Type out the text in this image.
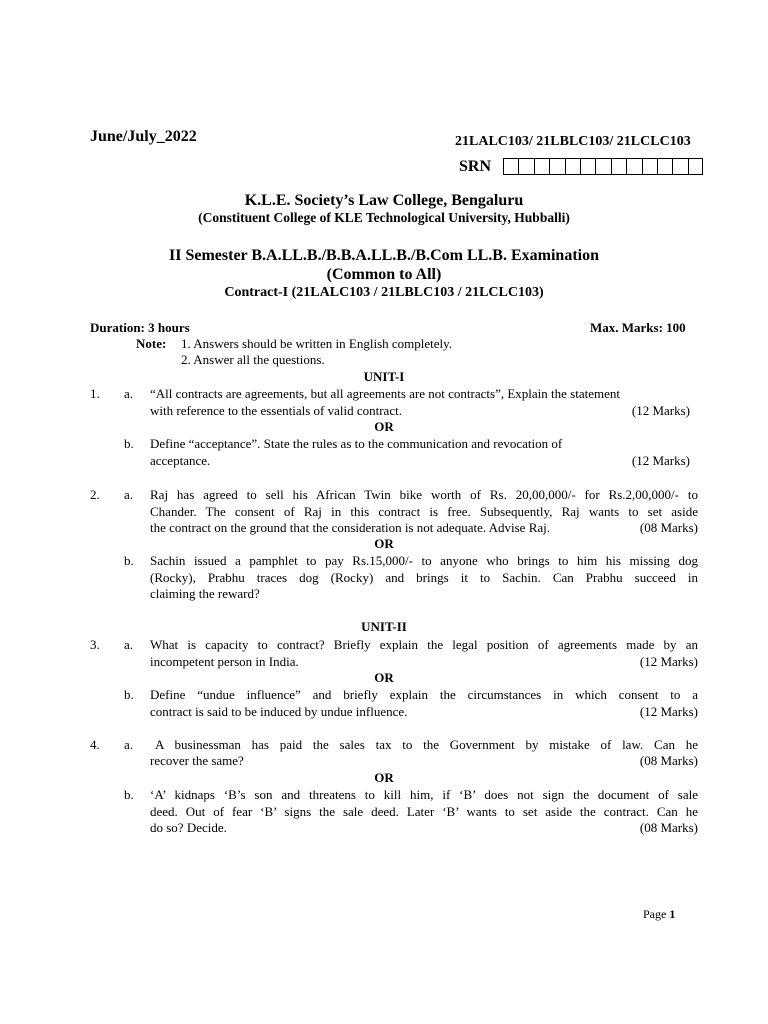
June/July_2022	21LALC103/ 21LBLC103/ 21LCLC103
SRN
K.L.E. Society’s Law College, Bengaluru
(Constituent College of KLE Technological University, Hubballi)
II Semester B.A.LL.B./B.B.A.LL.B./B.Com LL.B. Examination
(Common to All)
Contract-I (21LALC103 / 21LBLC103 / 21LCLC103)
Duration: 3 hours	Max. Marks: 100
Note: 1. Answers should be written in English completely.
2. Answer all the questions.
UNIT-I
1. a. “All contracts are agreements, but all agreements are not contracts”, Explain the statement
with reference to the essentials of valid contract.	(12 Marks)
OR
b. Define “acceptance”. State the rules as to the communication and revocation of
acceptance.	(12 Marks)
2. a. Raj has agreed to sell his African Twin bike worth of Rs. 20,00,000/- for Rs.2,00,000/- to
Chander. The consent of Raj in this contract is free. Subsequently, Raj wants to set aside
the contract on the ground that the consideration is not adequate. Advise Raj.	(08 Marks)
OR
b. Sachin issued a pamphlet to pay Rs.15,000/- to anyone who brings to him his missing dog
(Rocky), Prabhu traces dog (Rocky) and brings it to Sachin. Can Prabhu succeed in
claiming the reward?
UNIT-II
3. a. What is capacity to contract? Briefly explain the legal position of agreements made by an
incompetent person in India.	(12 Marks)
OR
b. Define “undue influence” and briefly explain the circumstances in which consent to a
contract is said to be induced by undue influence.	(12 Marks)
4. a. A businessman has paid the sales tax to the Government by mistake of law. Can he
recover the same?	(08 Marks)
OR
b. ‘A’ kidnaps ‘B’s son and threatens to kill him, if ‘B’ does not sign the document of sale
deed. Out of fear ‘B’ signs the sale deed. Later ‘B’ wants to set aside the contract. Can he
do so? Decide.	(08 Marks)
Page 1
